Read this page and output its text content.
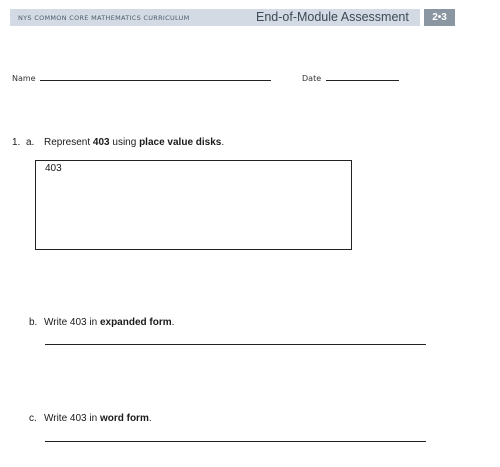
NYS COMMON CORE MATHEMATICS CURRICULUM	End-of-Module Assessment	2•3
Name	Date
1. a. Represent 403 using place value disks.
403
b. Write 403 in expanded form.
c. Write 403 in word form.
